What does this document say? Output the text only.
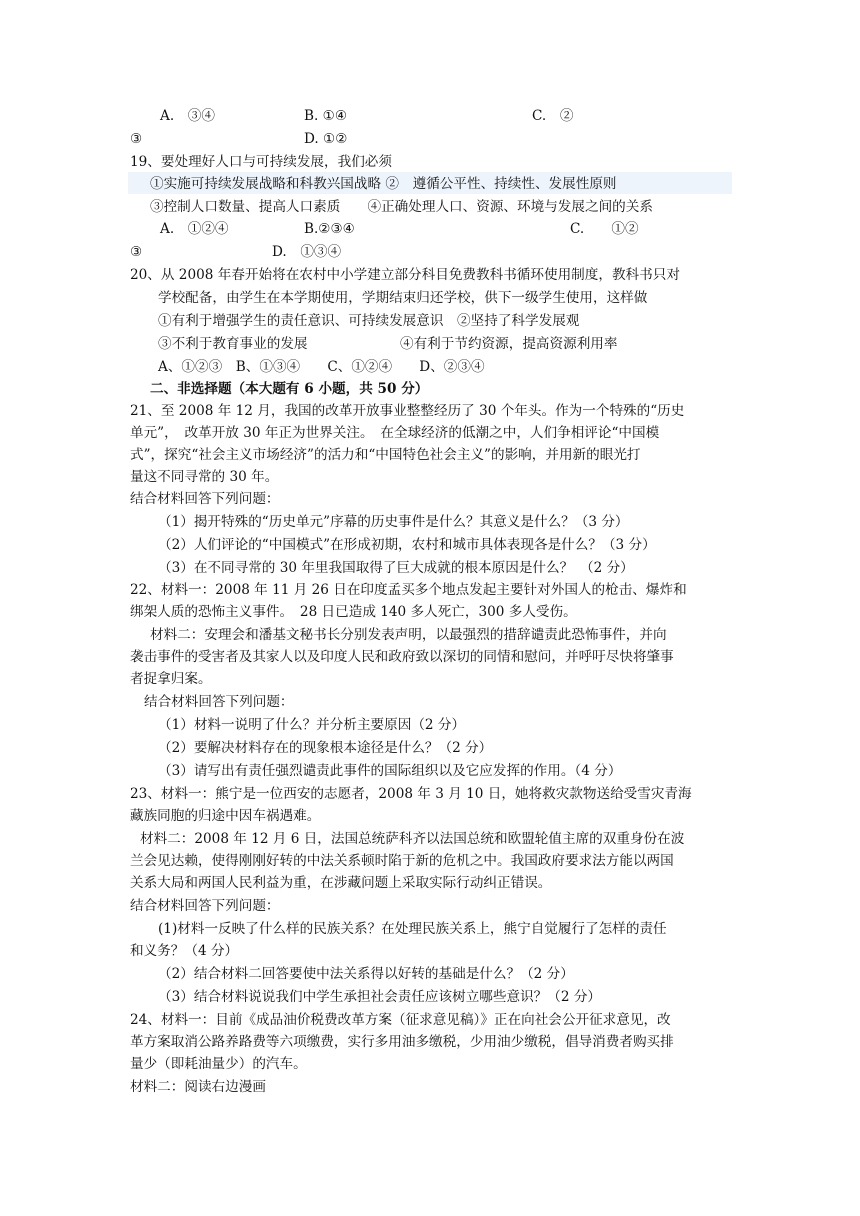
A.　③④	B. ①④	C.　②
③	D. ①②
19、要处理好人口与可持续发展，我们必须
①实施可持续发展战略和科教兴国战略 ②　遵循公平性、持续性、发展性原则
③控制人口数量、提高人口素质　　④正确处理人口、资源、环境与发展之间的关系
A.　①②④	B.②③④	C.　　①②
③	D.　①③④
20、从 2008 年春开始将在农村中小学建立部分科目免费教科书循环使用制度，教科书只对
学校配备，由学生在本学期使用，学期结束归还学校，供下一级学生使用，这样做
①有利于增强学生的责任意识、可持续发展意识　②坚持了科学发展观
③不利于教育事业的发展	④有利于节约资源，提高资源利用率
A、①②③　B、①③④　　C、①②④　　D、②③④
二、非选择题（本大题有 6 小题，共 50 分）
21、至 2008 年 12 月，我国的改革开放事业整整经历了 30 个年头。作为一个特殊的“历史
单元”，　改革开放 30 年正为世界关注。　在全球经济的低潮之中，人们争相评论“中国模
式”，探究“社会主义市场经济”的活力和“中国特色社会主义”的影响，并用新的眼光打
量这不同寻常的 30 年。
结合材料回答下列问题：
（1）揭开特殊的“历史单元”序幕的历史事件是什么？其意义是什么？（3 分）
（2）人们评论的“中国模式”在形成初期，农村和城市具体表现各是什么？（3 分）
（3）在不同寻常的 30 年里我国取得了巨大成就的根本原因是什么？　（2 分）
22、材料一：2008 年 11 月 26 日在印度孟买多个地点发起主要针对外国人的枪击、爆炸和
绑架人质的恐怖主义事件。　28 日已造成 140 多人死亡，300 多人受伤。
材料二：安理会和潘基文秘书长分别发表声明，以最强烈的措辞谴责此恐怖事件，并向
袭击事件的受害者及其家人以及印度人民和政府致以深切的同情和慰问，并呼吁尽快将肇事
者捉拿归案。
结合材料回答下列问题：
（1）材料一说明了什么？并分析主要原因（2 分）
（2）要解决材料存在的现象根本途径是什么？（2 分）
（3）请写出有责任强烈谴责此事件的国际组织以及它应发挥的作用。（4 分）
23、材料一：熊宁是一位西安的志愿者，2008 年 3 月 10 日，她将救灾款物送给受雪灾青海
藏族同胞的归途中因车祸遇难。
材料二：2008 年 12 月 6 日，法国总统萨科齐以法国总统和欧盟轮值主席的双重身份在波
兰会见达赖，使得刚刚好转的中法关系顿时陷于新的危机之中。我国政府要求法方能以两国
关系大局和两国人民利益为重，在涉藏问题上采取实际行动纠正错误。
结合材料回答下列问题：
(1)材料一反映了什么样的民族关系？在处理民族关系上，熊宁自觉履行了怎样的责任
和义务？（4 分）
（2）结合材料二回答要使中法关系得以好转的基础是什么？（2 分）
（3）结合材料说说我们中学生承担社会责任应该树立哪些意识？（2 分）
24、材料一：目前《成品油价税费改革方案（征求意见稿）》正在向社会公开征求意见，改
革方案取消公路养路费等六项缴费，实行多用油多缴税，少用油少缴税，倡导消费者购买排
量少（即耗油量少）的汽车。
材料二：阅读右边漫画
